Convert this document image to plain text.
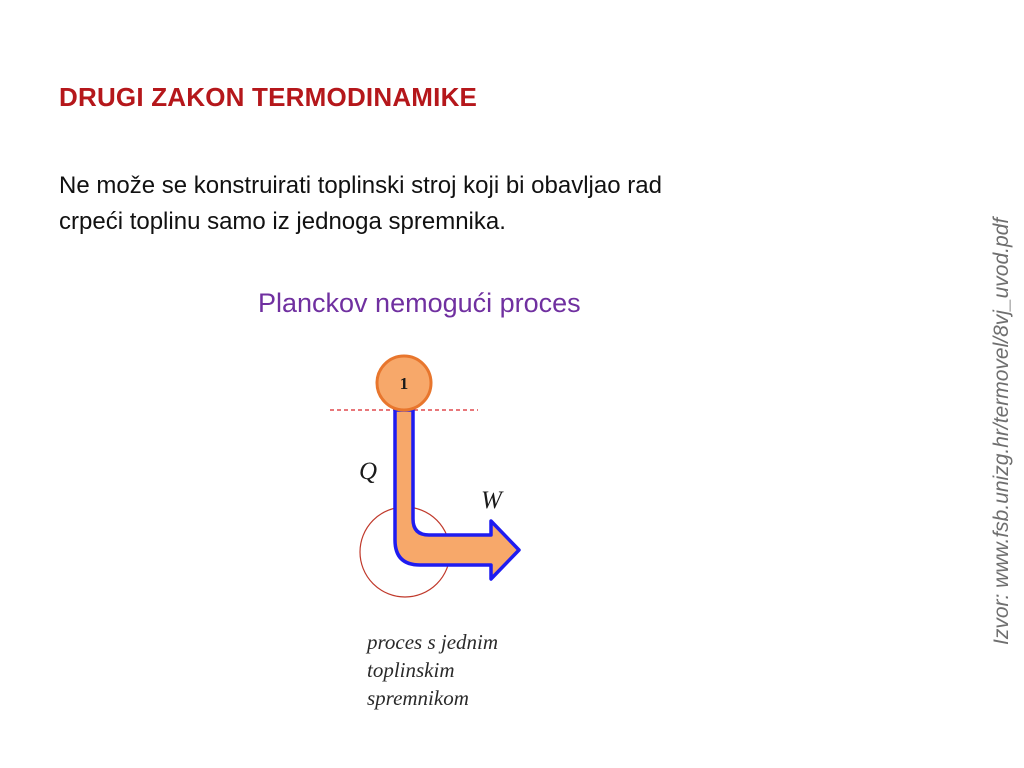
DRUGI ZAKON TERMODINAMIKE
Ne može se konstruirati toplinski stroj koji bi obavljao rad
crpeći toplinu samo iz jednoga spremnika.
Planckov nemogući proces
1
Q
W
proces s jednim
toplinskim
spremnikom
Izvor: www.fsb.unizg.hr/termovel/8vj_uvod.pdf
